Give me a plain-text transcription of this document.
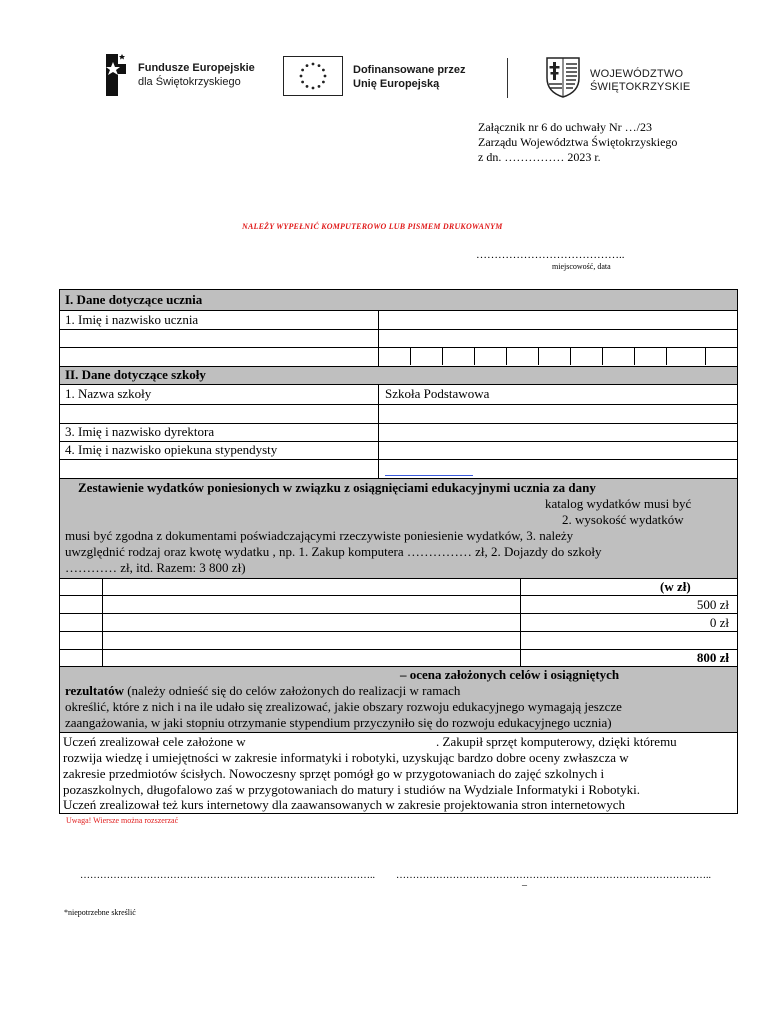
Fundusze Europejskie
dla Świętokrzyskiego
Dofinansowane przez
Unię Europejską
WOJEWÓDZTWO
ŚWIĘTOKRZYSKIE
Załącznik nr 6 do uchwały Nr …/23
Zarządu Województwa Świętokrzyskiego
z dn. …………… 2023 r.
NALEŻY WYPEŁNIĆ KOMPUTEROWO LUB PISMEM DRUKOWANYM
…………………………………..
miejscowość, data
I. Dane dotyczące ucznia
1. Imię i nazwisko ucznia
II. Dane dotyczące szkoły
1. Nazwa szkoły	Szkoła Podstawowa
3. Imię i nazwisko dyrektora
4. Imię i nazwisko opiekuna stypendysty
Zestawienie wydatków poniesionych w związku z osiągnięciami edukacyjnymi ucznia za dany
katalog wydatków musi być
2. wysokość wydatków
musi być zgodna z dokumentami poświadczającymi rzeczywiste poniesienie wydatków, 3. należy
uwzględnić rodzaj oraz kwotę wydatku , np. 1. Zakup komputera …………… zł, 2. Dojazdy do szkoły
………… zł, itd. Razem: 3 800 zł)
(w zł)
500 zł
0 zł
800 zł
– ocena założonych celów i osiągniętych
rezultatów (należy odnieść się do celów założonych do realizacji w ramach
określić, które z nich i na ile udało się zrealizować, jakie obszary rozwoju edukacyjnego wymagają jeszcze
zaangażowania, w jaki stopniu otrzymanie stypendium przyczyniło się do rozwoju edukacyjnego ucznia)
Uczeń zrealizował cele założone w	. Zakupił sprzęt komputerowy, dzięki któremu
rozwija wiedzę i umiejętności w zakresie informatyki i robotyki, uzyskując bardzo dobre oceny zwłaszcza w
zakresie przedmiotów ścisłych. Nowoczesny sprzęt pomógł go w przygotowaniach do zajęć szkolnych i
pozaszkolnych, długofalowo zaś w przygotowaniach do matury i studiów na Wydziale Informatyki i Robotyki.
Uczeń zrealizował też kurs internetowy dla zaawansowanych w zakresie projektowania stron internetowych
Uwaga! Wiersze można rozszerzać
…………………………………………………………………………….. …………………………………………………………………………………..
–
*niepotrzebne skreślić
